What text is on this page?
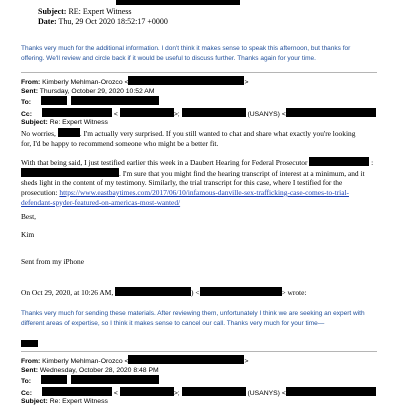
Subject: RE: Expert Witness
Date: Thu, 29 Oct 2020 18:52:17 +0000
Thanks very much for the additional information. I don't think it makes sense to speak this afternoon, but thanks for
offering. We'll review and circle back if it would be useful to discuss further. Thanks again for your time.
From: Kimberly Mehlman-Orozco <	>
Sent: Thursday, October 29, 2020 10:52 AM
To:
Cc:	<	>;	(USANYS) <
Subject: Re: Expert Witness
No worries,	. I'm actually very surprised. If you still wanted to chat and share what exactly you're looking
for, I'd be happy to recommend someone who might be a better fit.
With that being said, I just testified earlier this week in a Daubert Hearing for Federal Prosecutor	:
. I'm sure that you might find the hearing transcript of interest at a minimum, and it
sheds light in the content of my testimony. Similarly, the trial transcript for this case, where I testified for the
prosecution: https://www.eastbaytimes.com/2017/06/10/infamous-danville-sex-trafficking-case-comes-to-trial-
defendant-spyder-featured-on-americas-most-wanted/
Best,
Kim
Sent from my iPhone
On Oct 29, 2020, at 10:26 AM,	) <	> wrote:
Thanks very much for sending these materials. After reviewing them, unfortunately I think we are seeking an expert with
different areas of expertise, so I think it makes sense to cancel our call. Thanks very much for your time—
From: Kimberly Mehlman-Orozco <	>
Sent: Wednesday, October 28, 2020 8:48 PM
To:
Cc:	<	>;	(USANYS) <
Subject: Re: Expert Witness
